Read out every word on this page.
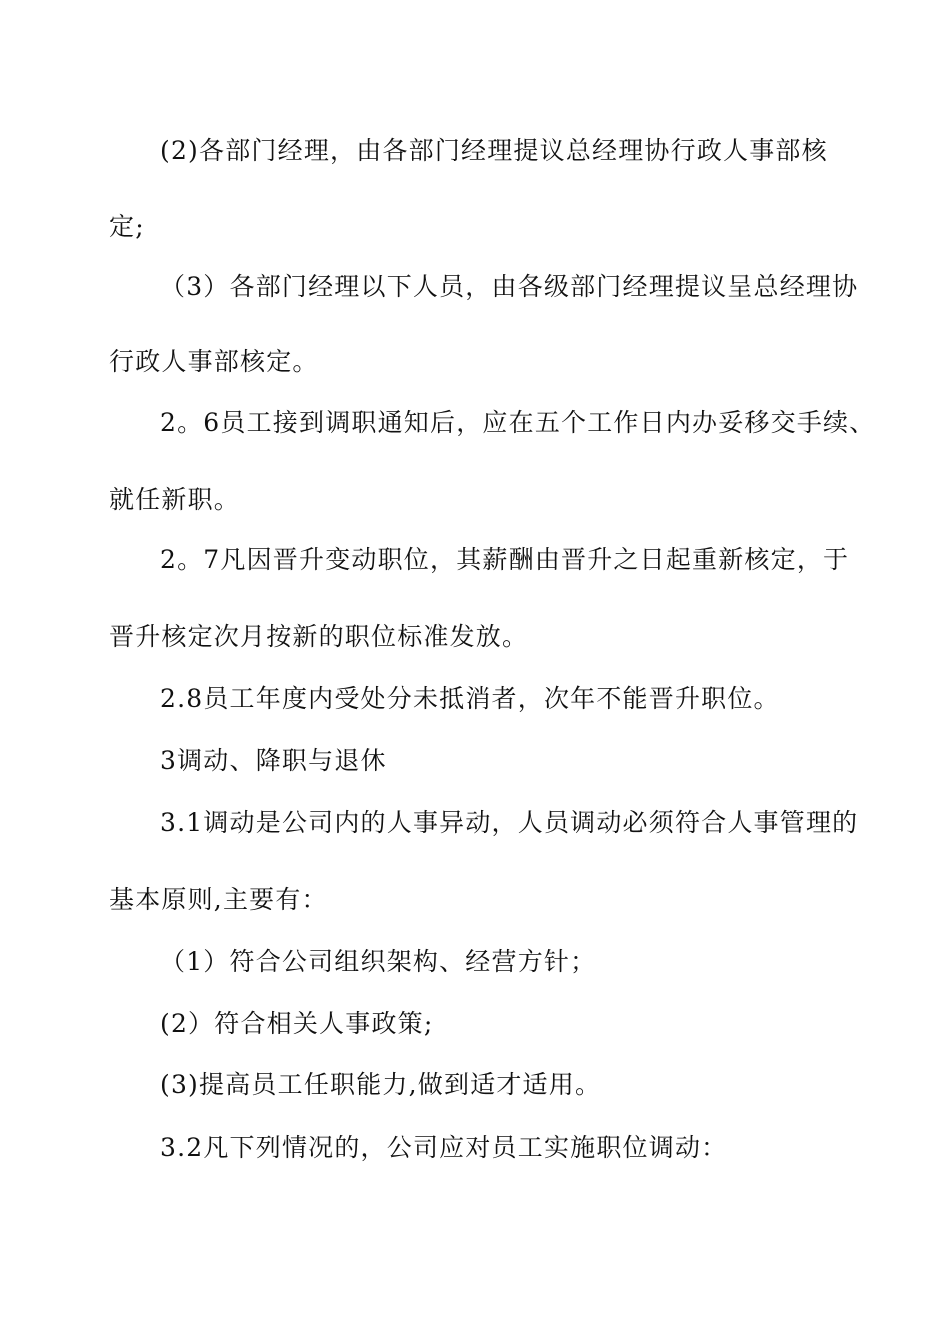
(2)各部门经理，由各部门经理提议总经理协行政人事部核
定;
（3）各部门经理以下人员，由各级部门经理提议呈总经理协
行政人事部核定。
2。6员工接到调职通知后，应在五个工作日内办妥移交手续、
就任新职。
2。7凡因晋升变动职位，其薪酬由晋升之日起重新核定，于
晋升核定次月按新的职位标准发放。
2.8员工年度内受处分未抵消者，次年不能晋升职位。
3调动、降职与退休
3.1调动是公司内的人事异动，人员调动必须符合人事管理的
基本原则,主要有：
（1）符合公司组织架构、经营方针；
(2）符合相关人事政策;
(3)提高员工任职能力,做到适才适用。
3.2凡下列情况的，公司应对员工实施职位调动：
